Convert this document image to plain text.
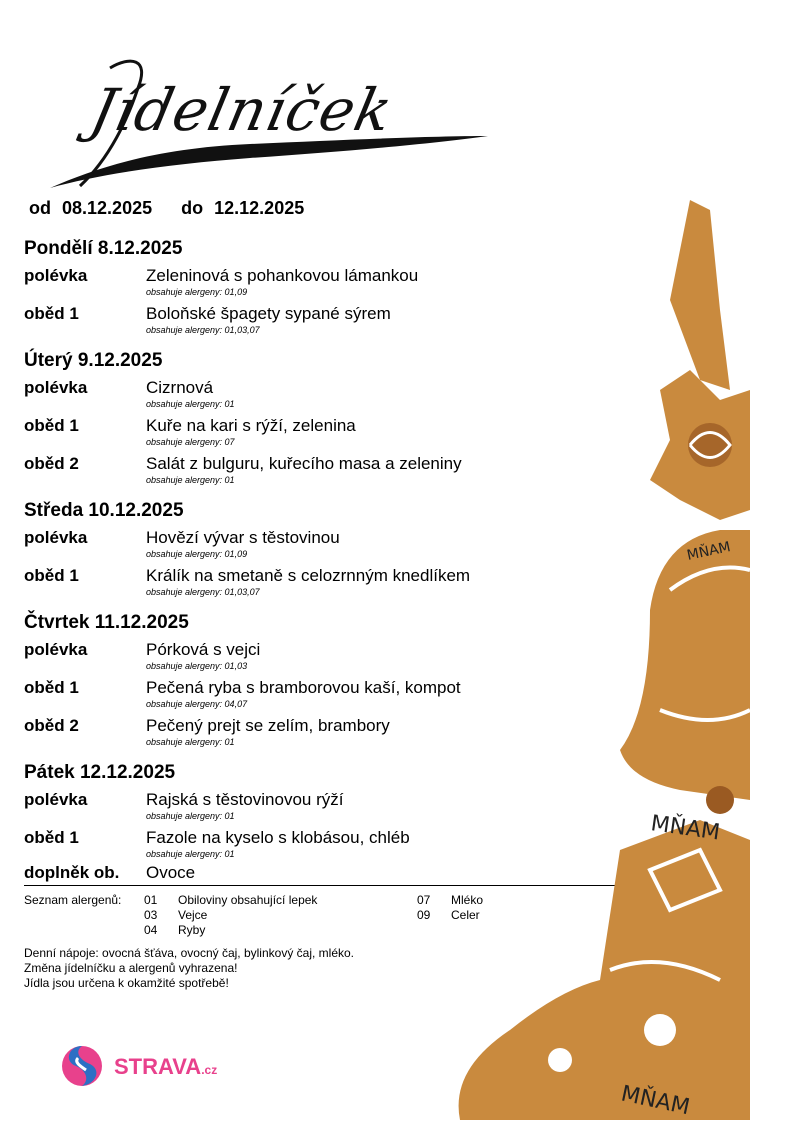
Jídelníček
od 08.12.2025 do 12.12.2025
Pondělí 8.12.2025
polévka	Zeleninová s pohankovou lámankou
obsahuje alergeny: 01,09
oběd 1	Boloňské špagety sypané sýrem
obsahuje alergeny: 01,03,07
Úterý 9.12.2025
polévka	Cizrnová
obsahuje alergeny: 01
oběd 1	Kuře na kari s rýží, zelenina
obsahuje alergeny: 07
oběd 2	Salát z bulguru, kuřecího masa a zeleniny
obsahuje alergeny: 01
Středa 10.12.2025
polévka	Hovězí vývar s těstovinou
obsahuje alergeny: 01,09
oběd 1	Králík na smetaně s celozrnným knedlíkem
obsahuje alergeny: 01,03,07
Čtvrtek 11.12.2025
polévka	Pórková s vejci
obsahuje alergeny: 01,03
oběd 1	Pečená ryba s bramborovou kaší, kompot
obsahuje alergeny: 04,07
oběd 2	Pečený prejt se zelím, brambory
obsahuje alergeny: 01
Pátek 12.12.2025
polévka	Rajská s těstovinovou rýží
obsahuje alergeny: 01
oběd 1	Fazole na kyselo s klobásou, chléb
obsahuje alergeny: 01
doplněk ob. Ovoce
Seznam alergenů: 01 Obiloviny obsahující lepek
03 Vejce
04 Ryby
07 Mléko
09 Celer
Denní nápoje: ovocná šťáva, ovocný čaj, bylinkový čaj, mléko.
Změna jídelníčku a alergenů vyhrazena!
Jídla jsou určena k okamžité spotřebě!
STRAVA.cz
MŇAM
MŇAM
MŇAM
